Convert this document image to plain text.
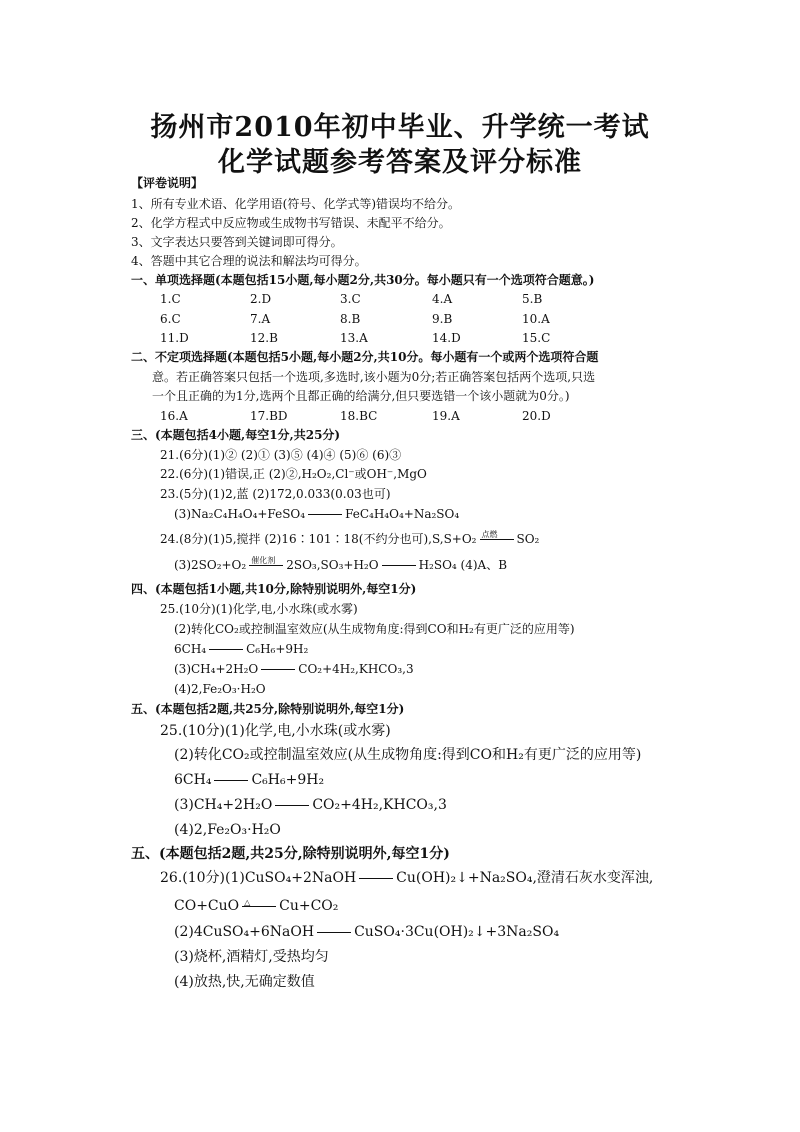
扬州市2010年初中毕业、升学统一考试
化学试题参考答案及评分标准
【评卷说明】
1、所有专业术语、化学用语(符号、化学式等)错误均不给分。
2、化学方程式中反应物或生成物书写错误、未配平不给分。
3、文字表达只要答到关键词即可得分。
4、答题中其它合理的说法和解法均可得分。
一、单项选择题(本题包括15小题,每小题2分,共30分。每小题只有一个选项符合题意。)
1.C	2.D	3.C	4.A	5.B
6.C	7.A	8.B	9.B	10.A
11.D	12.B	13.A	14.D	15.C
二、不定项选择题(本题包括5小题,每小题2分,共10分。每小题有一个或两个选项符合题
意。若正确答案只包括一个选项,多选时,该小题为0分;若正确答案包括两个选项,只选
一个且正确的为1分,选两个且都正确的给满分,但只要选错一个该小题就为0分。)
16.A	17.BD	18.BC	19.A	20.D
三、(本题包括4小题,每空1分,共25分)
21.(6分)(1)② (2)① (3)⑤ (4)④ (5)⑥ (6)③
22.(6分)(1)错误,正 (2)②,H₂O₂,Cl⁻或OH⁻,MgO
23.(5分)(1)2,蓝 (2)172,0.033(0.03也可)
(3)Na₂C₄H₄O₄+FeSO₄	FeC₄H₄O₄+Na₂SO₄
24.(8分)(1)5,搅拌 (2)16∶101∶18(不约分也可),S,S+O₂ 点燃 SO₂
(3)2SO₂+O₂ 催化剂 2SO₃,SO₃+H₂O	H₂SO₄ (4)A、B
四、(本题包括1小题,共10分,除特别说明外,每空1分)
25.(10分)(1)化学,电,小水珠(或水雾)
(2)转化CO₂或控制温室效应(从生成物角度:得到CO和H₂有更广泛的应用等)
6CH₄	C₆H₆+9H₂
(3)CH₄+2H₂O	CO₂+4H₂,KHCO₃,3
(4)2,Fe₂O₃·H₂O
五、(本题包括2题,共25分,除特别说明外,每空1分)
25.(10分)(1)化学,电,小水珠(或水雾)
(2)转化CO₂或控制温室效应(从生成物角度:得到CO和H₂有更广泛的应用等)
6CH₄	C₆H₆+9H₂
(3)CH₄+2H₂O	CO₂+4H₂,KHCO₃,3
(4)2,Fe₂O₃·H₂O
五、(本题包括2题,共25分,除特别说明外,每空1分)
26.(10分)(1)CuSO₄+2NaOH	Cu(OH)₂↓+Na₂SO₄,澄清石灰水变浑浊,
CO+CuO △ Cu+CO₂
(2)4CuSO₄+6NaOH	CuSO₄·3Cu(OH)₂↓+3Na₂SO₄
(3)烧杯,酒精灯,受热均匀
(4)放热,快,无确定数值
